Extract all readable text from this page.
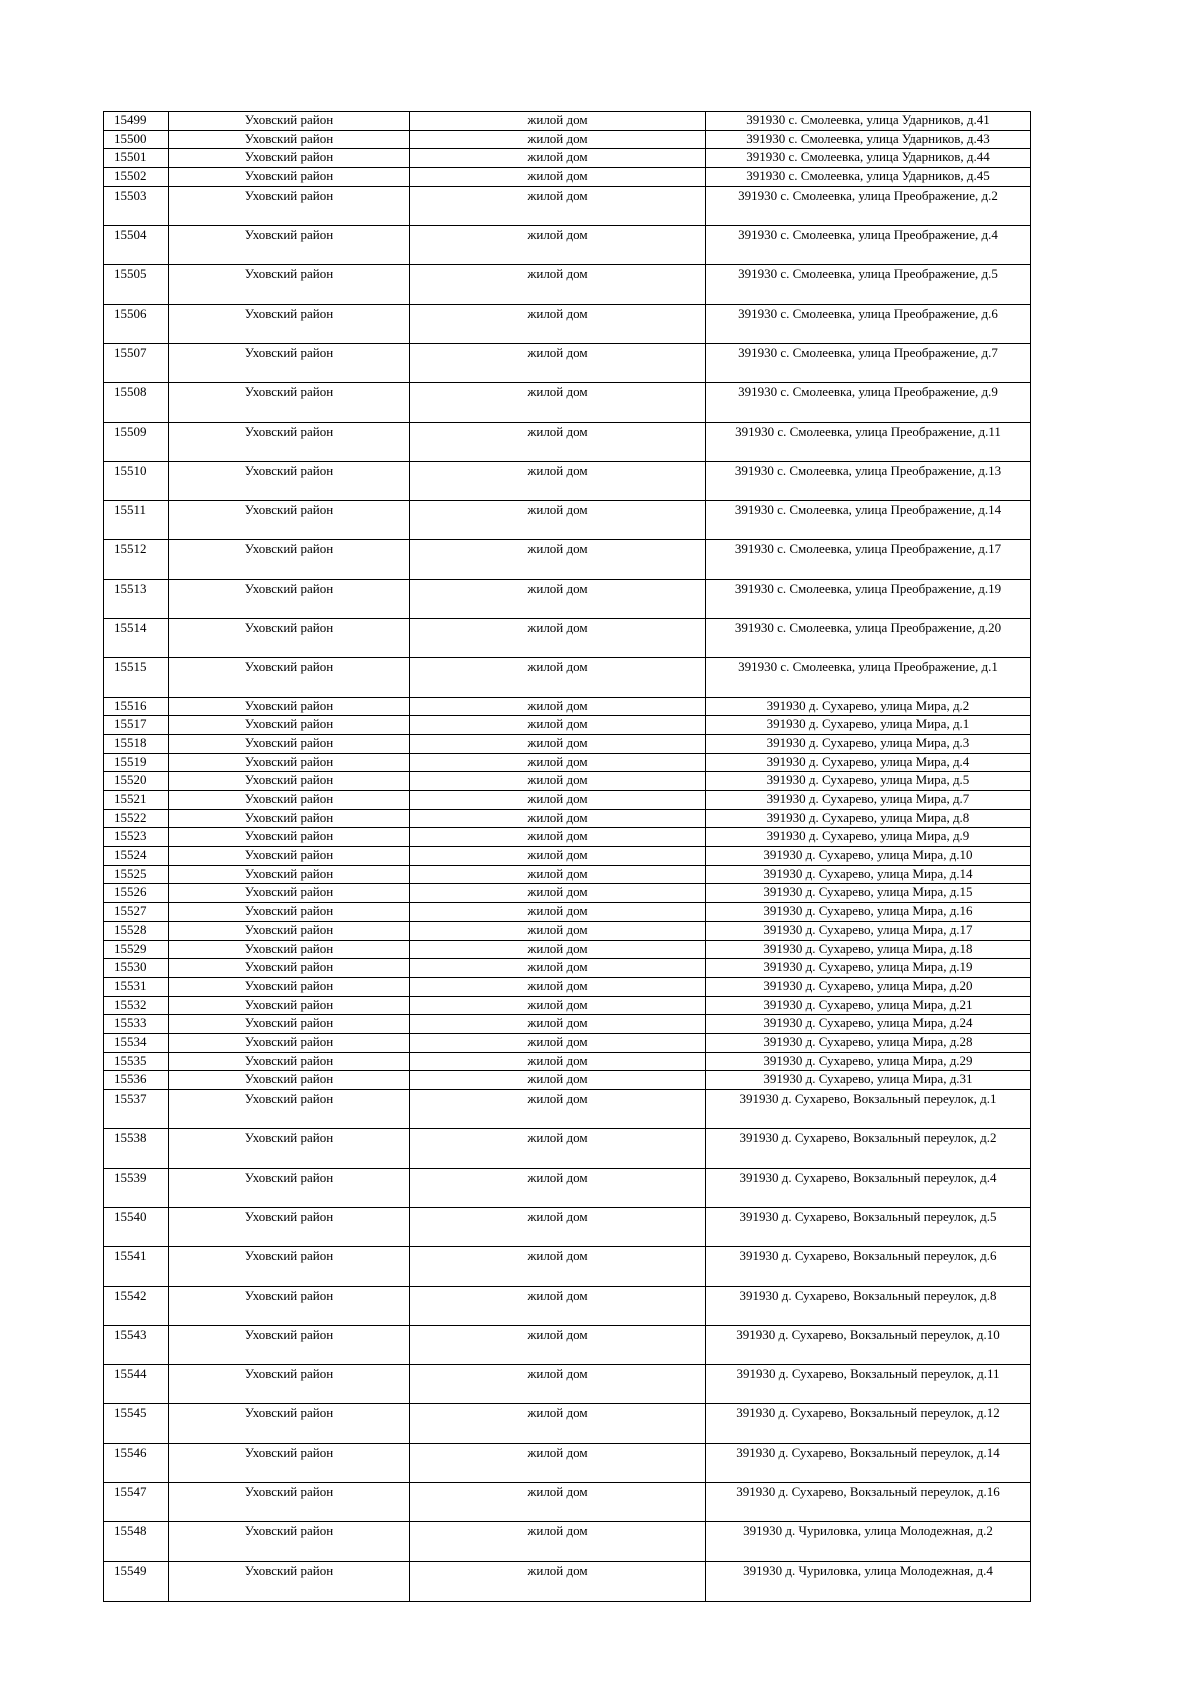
15499	Уховский район	жилой дом	391930 с. Смолеевка, улица Ударников, д.41
15500	Уховский район	жилой дом	391930 с. Смолеевка, улица Ударников, д.43
15501	Уховский район	жилой дом	391930 с. Смолеевка, улица Ударников, д.44
15502	Уховский район	жилой дом	391930 с. Смолеевка, улица Ударников, д.45
15503	Уховский район	жилой дом	391930 с. Смолеевка, улица Преображение, д.2
15504	Уховский район	жилой дом	391930 с. Смолеевка, улица Преображение, д.4
15505	Уховский район	жилой дом	391930 с. Смолеевка, улица Преображение, д.5
15506	Уховский район	жилой дом	391930 с. Смолеевка, улица Преображение, д.6
15507	Уховский район	жилой дом	391930 с. Смолеевка, улица Преображение, д.7
15508	Уховский район	жилой дом	391930 с. Смолеевка, улица Преображение, д.9
15509	Уховский район	жилой дом	391930 с. Смолеевка, улица Преображение, д.11
15510	Уховский район	жилой дом	391930 с. Смолеевка, улица Преображение, д.13
15511	Уховский район	жилой дом	391930 с. Смолеевка, улица Преображение, д.14
15512	Уховский район	жилой дом	391930 с. Смолеевка, улица Преображение, д.17
15513	Уховский район	жилой дом	391930 с. Смолеевка, улица Преображение, д.19
15514	Уховский район	жилой дом	391930 с. Смолеевка, улица Преображение, д.20
15515	Уховский район	жилой дом	391930 с. Смолеевка, улица Преображение, д.1
15516	Уховский район	жилой дом	391930 д. Сухарево, улица Мира, д.2
15517	Уховский район	жилой дом	391930 д. Сухарево, улица Мира, д.1
15518	Уховский район	жилой дом	391930 д. Сухарево, улица Мира, д.3
15519	Уховский район	жилой дом	391930 д. Сухарево, улица Мира, д.4
15520	Уховский район	жилой дом	391930 д. Сухарево, улица Мира, д.5
15521	Уховский район	жилой дом	391930 д. Сухарево, улица Мира, д.7
15522	Уховский район	жилой дом	391930 д. Сухарево, улица Мира, д.8
15523	Уховский район	жилой дом	391930 д. Сухарево, улица Мира, д.9
15524	Уховский район	жилой дом	391930 д. Сухарево, улица Мира, д.10
15525	Уховский район	жилой дом	391930 д. Сухарево, улица Мира, д.14
15526	Уховский район	жилой дом	391930 д. Сухарево, улица Мира, д.15
15527	Уховский район	жилой дом	391930 д. Сухарево, улица Мира, д.16
15528	Уховский район	жилой дом	391930 д. Сухарево, улица Мира, д.17
15529	Уховский район	жилой дом	391930 д. Сухарево, улица Мира, д.18
15530	Уховский район	жилой дом	391930 д. Сухарево, улица Мира, д.19
15531	Уховский район	жилой дом	391930 д. Сухарево, улица Мира, д.20
15532	Уховский район	жилой дом	391930 д. Сухарево, улица Мира, д.21
15533	Уховский район	жилой дом	391930 д. Сухарево, улица Мира, д.24
15534	Уховский район	жилой дом	391930 д. Сухарево, улица Мира, д.28
15535	Уховский район	жилой дом	391930 д. Сухарево, улица Мира, д.29
15536	Уховский район	жилой дом	391930 д. Сухарево, улица Мира, д.31
15537	Уховский район	жилой дом	391930 д. Сухарево, Вокзальный переулок, д.1
15538	Уховский район	жилой дом	391930 д. Сухарево, Вокзальный переулок, д.2
15539	Уховский район	жилой дом	391930 д. Сухарево, Вокзальный переулок, д.4
15540	Уховский район	жилой дом	391930 д. Сухарево, Вокзальный переулок, д.5
15541	Уховский район	жилой дом	391930 д. Сухарево, Вокзальный переулок, д.6
15542	Уховский район	жилой дом	391930 д. Сухарево, Вокзальный переулок, д.8
15543	Уховский район	жилой дом	391930 д. Сухарево, Вокзальный переулок, д.10
15544	Уховский район	жилой дом	391930 д. Сухарево, Вокзальный переулок, д.11
15545	Уховский район	жилой дом	391930 д. Сухарево, Вокзальный переулок, д.12
15546	Уховский район	жилой дом	391930 д. Сухарево, Вокзальный переулок, д.14
15547	Уховский район	жилой дом	391930 д. Сухарево, Вокзальный переулок, д.16
15548	Уховский район	жилой дом	391930 д. Чуриловка, улица Молодежная, д.2
15549	Уховский район	жилой дом	391930 д. Чуриловка, улица Молодежная, д.4
